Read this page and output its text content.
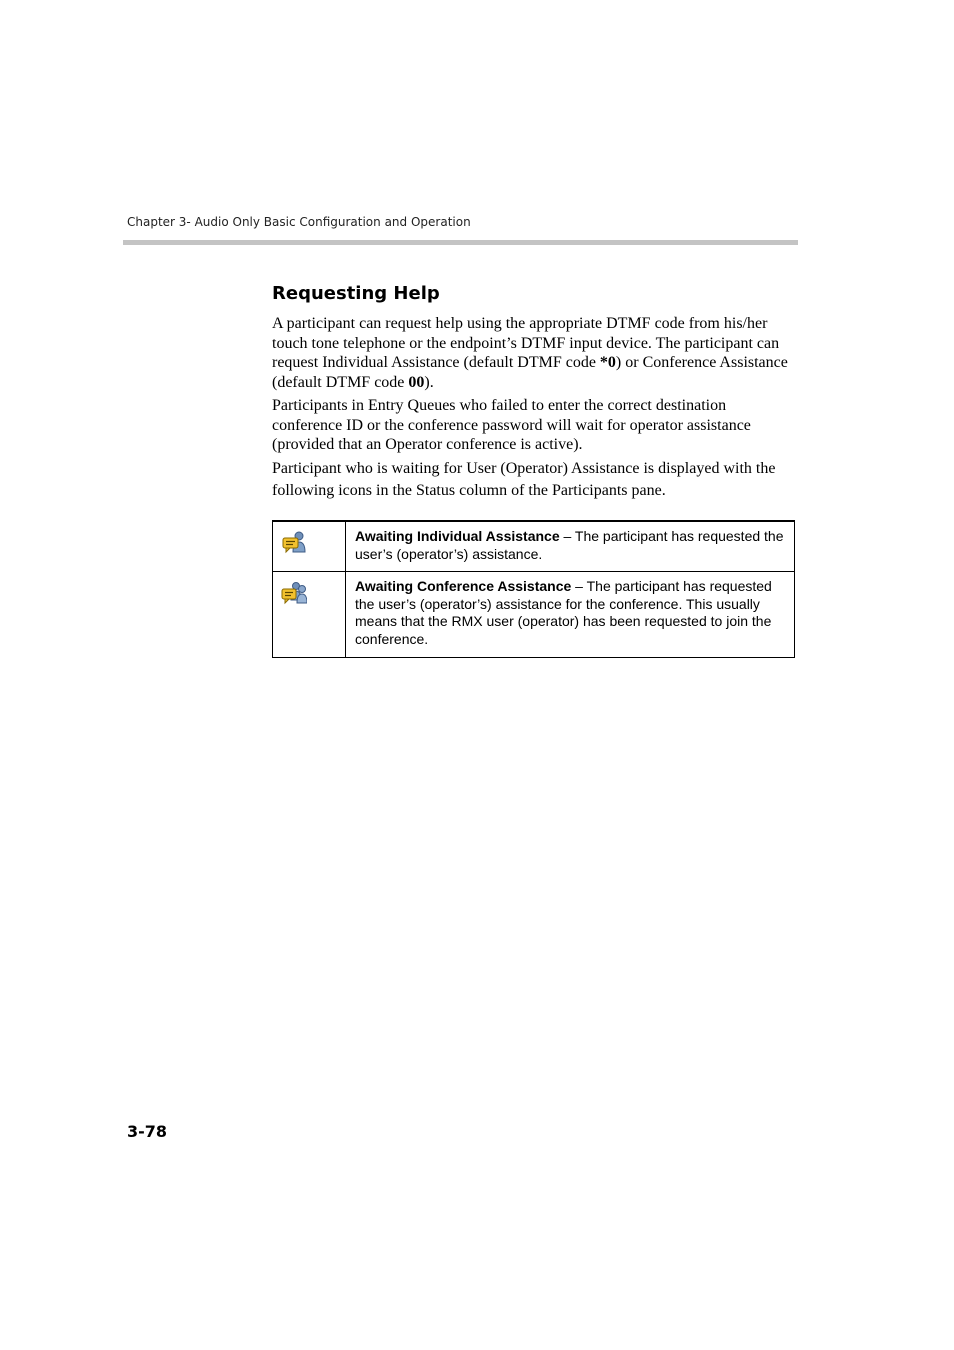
Chapter 3- Audio Only Basic Configuration and Operation
Requesting Help
A participant can request help using the appropriate DTMF code from his/her touch tone telephone or the endpoint’s DTMF input device. The participant can request Individual Assistance (default DTMF code *0) or Conference Assistance (default DTMF code 00).
Participants in Entry Queues who failed to enter the correct destination conference ID or the conference password will wait for operator assistance (provided that an Operator conference is active).
Participant who is waiting for User (Operator) Assistance is displayed with the following icons in the Status column of the Participants pane.
	Awaiting Individual Assistance – The participant has requested the user’s (operator’s) assistance.

	Awaiting Conference Assistance – The participant has requested the user’s (operator’s) assistance for the conference. This usually means that the RMX user (operator) has been requested to join the conference.
3-78
